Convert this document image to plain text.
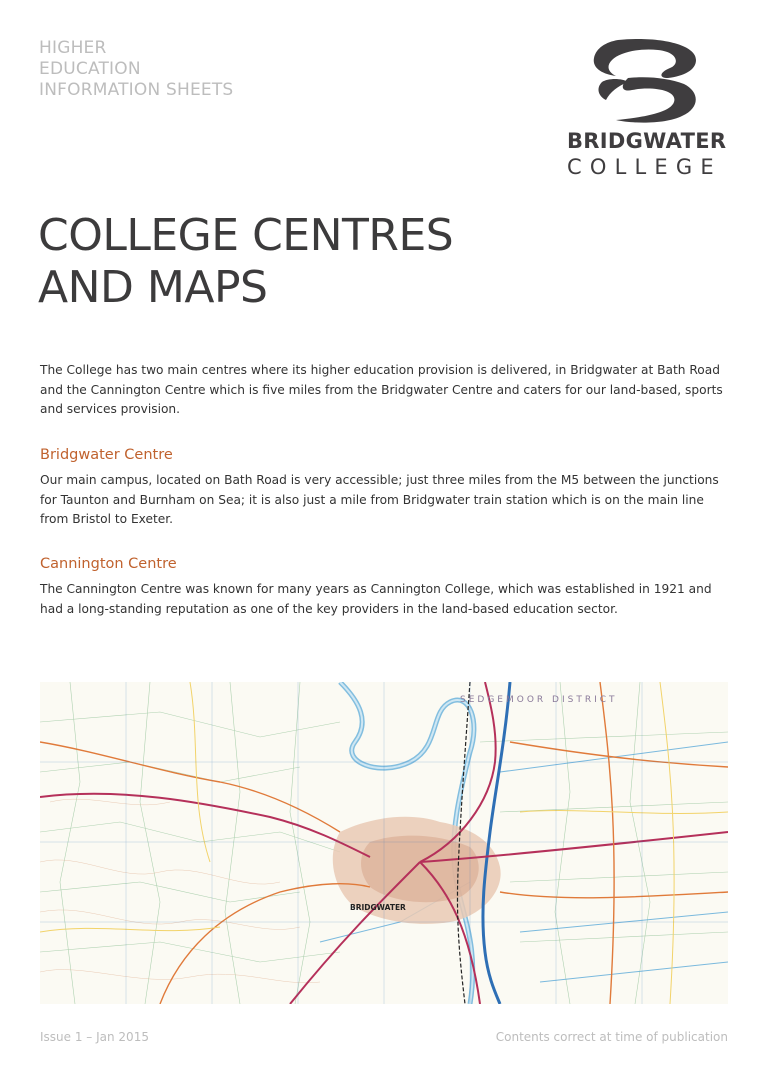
HIGHER
EDUCATION
INFORMATION SHEETS
BRIDGWATER
COLLEGE
COLLEGE CENTRES
AND MAPS

The College has two main centres where its higher education provision is delivered, in Bridgwater at Bath Road and the Cannington Centre which is five miles from the Bridgwater Centre and caters for our land-based, sports and services provision.

Bridgwater Centre

Our main campus, located on Bath Road is very accessible; just three miles from the M5 between the junctions for Taunton and Burnham on Sea; it is also just a mile from Bridgwater train station which is on the main line from Bristol to Exeter.

Cannington Centre

The Cannington Centre was known for many years as Cannington College, which was established in 1921 and had a long-standing reputation as one of the key providers in the land-based education sector.

BRIDGWATER
SEDGEMOOR DISTRICT
Issue 1 – Jan 2015	Contents correct at time of publication
